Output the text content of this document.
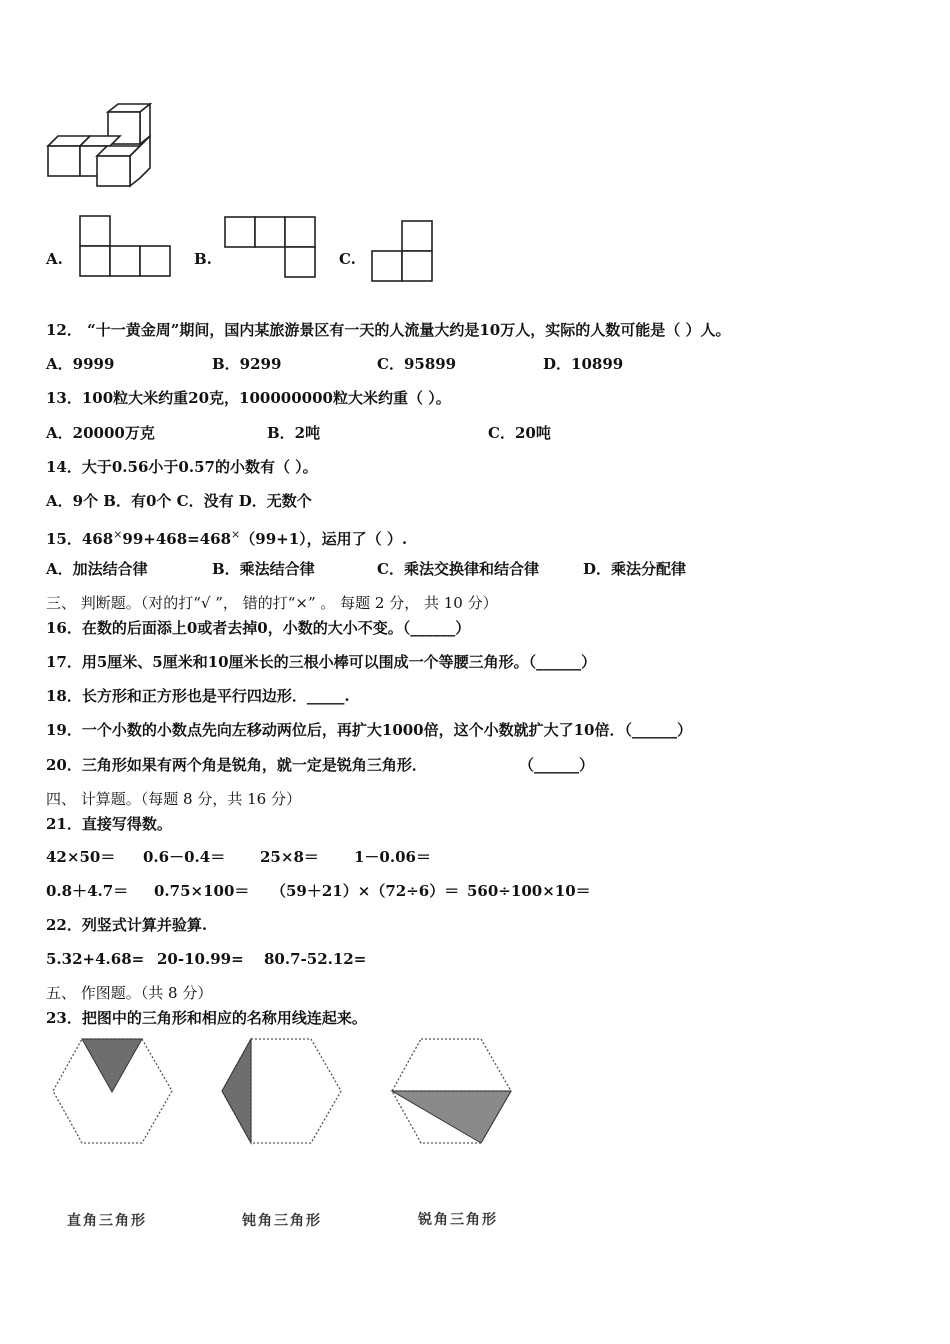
A.	B.	C.
12． “十一黄金周”期间，国内某旅游景区有一天的人流量大约是10万人，实际的人数可能是（ ）人。
A．9999	B．9299	C．95899	D．10899
13．100粒大米约重20克，100000000粒大米约重（ ）。
A．20000万克	B．2吨	C．20吨
14．大于0.56小于0.57的小数有（ ）。
A．9个 B．有0个 C．没有 D．无数个
15．468×99+468=468×（99+1），运用了（ ）.
A．加法结合律	B．乘法结合律	C．乘法交换律和结合律	D．乘法分配律
三、 判断题。（对的打“√ ”， 错的打“×” 。 每题 2 分， 共 10 分）
16．在数的后面添上0或者去掉0，小数的大小不变。（______）
17．用5厘米、5厘米和10厘米长的三根小棒可以围成一个等腰三角形。（______）
18．长方形和正方形也是平行四边形．_____.
19．一个小数的小数点先向左移动两位后，再扩大1000倍，这个小数就扩大了10倍．（______）
20．三角形如果有两个角是锐角，就一定是锐角三角形．	（______）
四、 计算题。（每题 8 分，共 16 分）
21．直接写得数。
42×50＝ 0.6－0.4＝ 25×8＝ 1－0.06＝
0.8＋4.7＝ 0.75×100＝ （59＋21）×（72÷6）＝ 560÷100×10＝
22．列竖式计算并验算.
5.32+4.68= 20-10.99= 80.7-52.12=
五、 作图题。（共 8 分）
23．把图中的三角形和相应的名称用线连起来。
直角三角形	钝角三角形	锐角三角形
